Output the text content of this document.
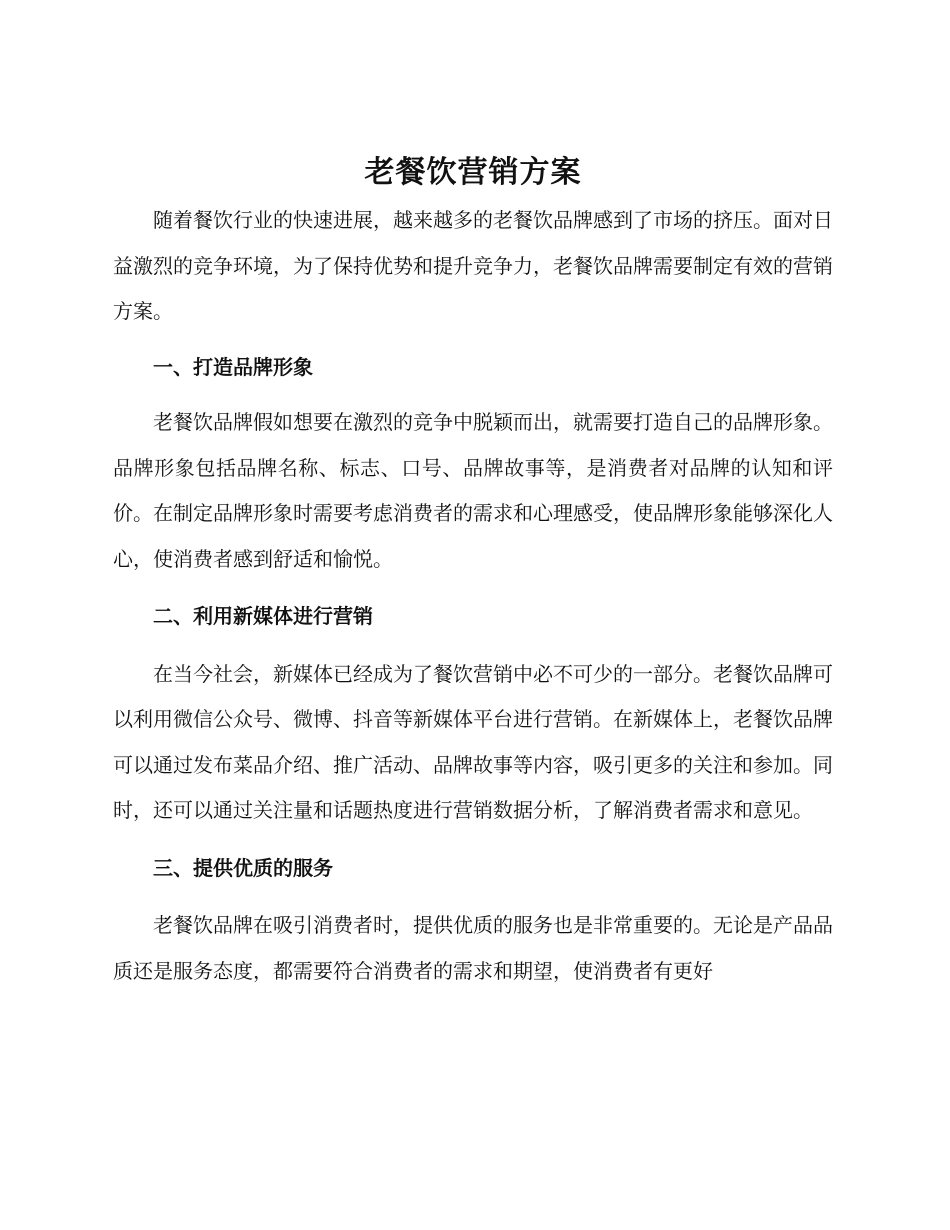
老餐饮营销方案

随着餐饮行业的快速进展，越来越多的老餐饮品牌感到了市场的挤压。面对日益激烈的竞争环境，为了保持优势和提升竞争力，老餐饮品牌需要制定有效的营销方案。

一、打造品牌形象

老餐饮品牌假如想要在激烈的竞争中脱颖而出，就需要打造自己的品牌形象。品牌形象包括品牌名称、标志、口号、品牌故事等，是消费者对品牌的认知和评价。在制定品牌形象时需要考虑消费者的需求和心理感受，使品牌形象能够深化人心，使消费者感到舒适和愉悦。

二、利用新媒体进行营销

在当今社会，新媒体已经成为了餐饮营销中必不可少的一部分。老餐饮品牌可以利用微信公众号、微博、抖音等新媒体平台进行营销。在新媒体上，老餐饮品牌可以通过发布菜品介绍、推广活动、品牌故事等内容，吸引更多的关注和参加。同时，还可以通过关注量和话题热度进行营销数据分析，了解消费者需求和意见。

三、提供优质的服务

老餐饮品牌在吸引消费者时，提供优质的服务也是非常重要的。无论是产品品质还是服务态度，都需要符合消费者的需求和期望，使消费者有更好
